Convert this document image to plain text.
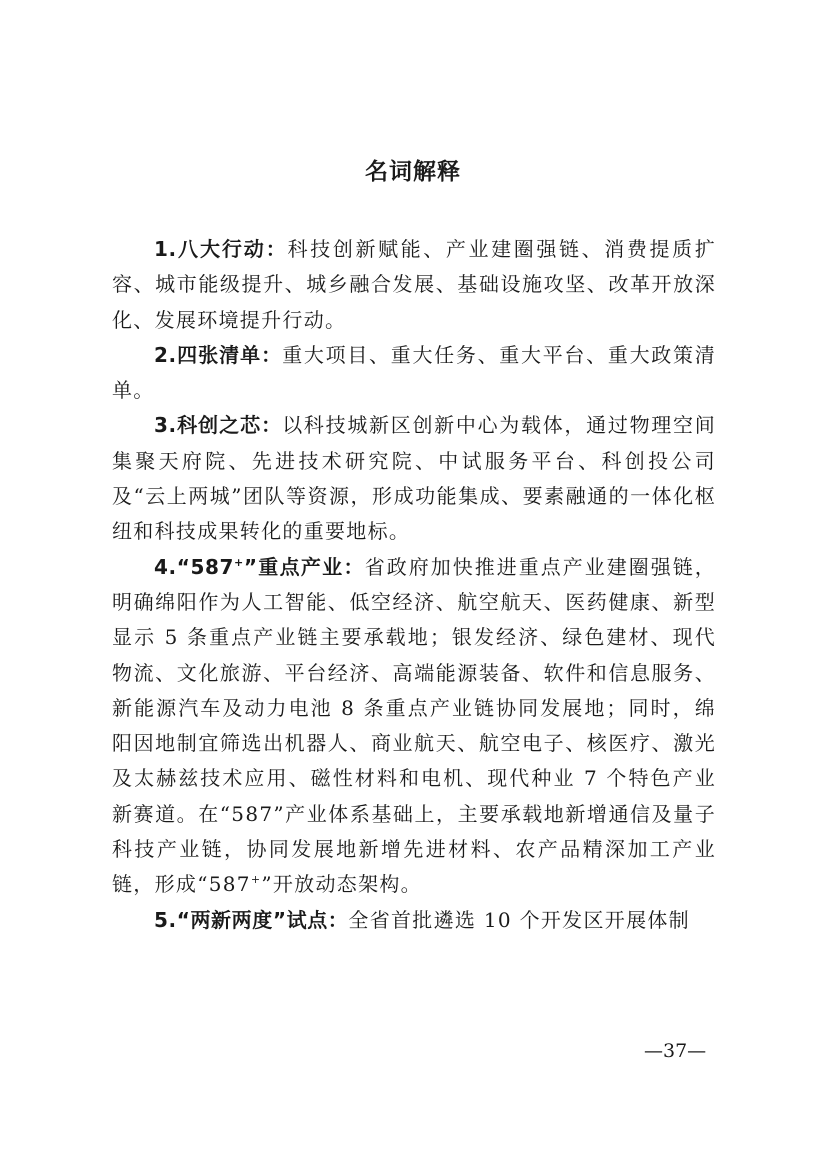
名词解释

1.八大行动：科技创新赋能、产业建圈强链、消费提质扩容、城市能级提升、城乡融合发展、基础设施攻坚、改革开放深化、发展环境提升行动。

2.四张清单：重大项目、重大任务、重大平台、重大政策清单。

3.科创之芯：以科技城新区创新中心为载体，通过物理空间集聚天府院、先进技术研究院、中试服务平台、科创投公司及“云上两城”团队等资源，形成功能集成、要素融通的一体化枢纽和科技成果转化的重要地标。

4.“587+”重点产业：省政府加快推进重点产业建圈强链，明确绵阳作为人工智能、低空经济、航空航天、医药健康、新型显示 5 条重点产业链主要承载地；银发经济、绿色建材、现代物流、文化旅游、平台经济、高端能源装备、软件和信息服务、新能源汽车及动力电池 8 条重点产业链协同发展地；同时，绵阳因地制宜筛选出机器人、商业航天、航空电子、核医疗、激光及太赫兹技术应用、磁性材料和电机、现代种业 7 个特色产业新赛道。在“587”产业体系基础上，主要承载地新增通信及量子科技产业链，协同发展地新增先进材料、农产品精深加工产业链，形成“587+”开放动态架构。

5.“两新两度”试点：全省首批遴选 10 个开发区开展体制

—37—
